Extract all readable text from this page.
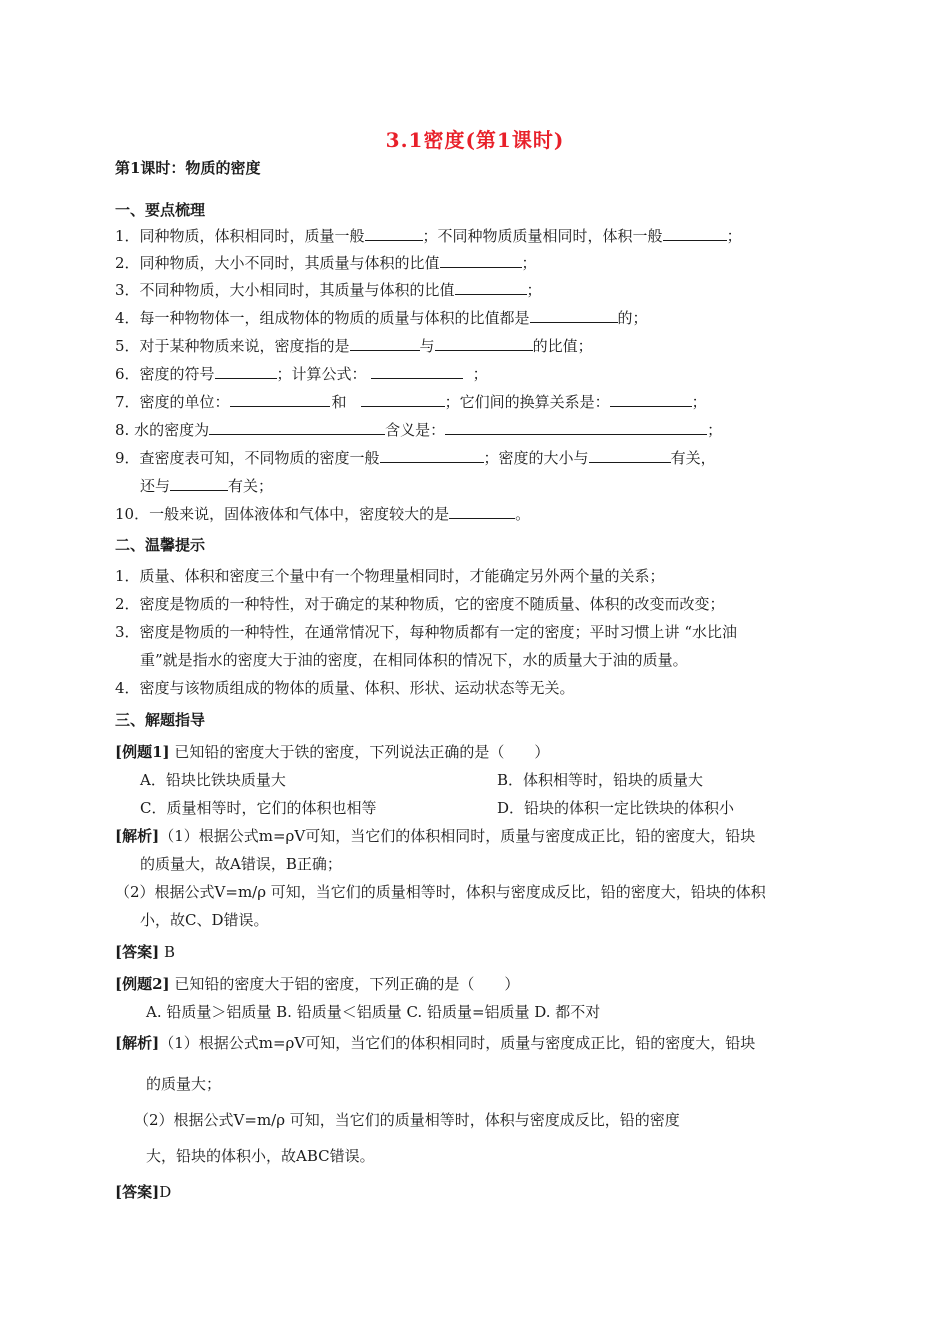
3.1密度(第1课时)
第1课时：物质的密度
一、要点梳理
1．同种物质，体积相同时，质量一般	；不同种物质质量相同时，体积一般	；
2．同种物质，大小不同时，其质量与体积的比值	；
3．不同种物质，大小相同时，其质量与体积的比值	；
4．每一种物物体一，组成物体的物质的质量与体积的比值都是	的；
5．对于某种物质来说，密度指的是	与	的比值；
6．密度的符号	；计算公式：	；
7．密度的单位：	和	；它们间的换算关系是：	；
8. 水的密度为	含义是：	；
9．查密度表可知，不同物质的密度一般	；密度的大小与	有关，
还与	有关；
10．一般来说，固体液体和气体中，密度较大的是	。
二、温馨提示
1．质量、体积和密度三个量中有一个物理量相同时，才能确定另外两个量的关系；
2．密度是物质的一种特性，对于确定的某种物质，它的密度不随质量、体积的改变而改变；
3．密度是物质的一种特性，在通常情况下，每种物质都有一定的密度；平时习惯上讲 “水比油
重”就是指水的密度大于油的密度，在相同体积的情况下，水的质量大于油的质量。
4．密度与该物质组成的物体的质量、体积、形状、运动状态等无关。
三、解题指导
[例题1] 已知铅的密度大于铁的密度，下列说法正确的是（　　）
A．铅块比铁块质量大	B．体积相等时，铅块的质量大
C．质量相等时，它们的体积也相等	D．铅块的体积一定比铁块的体积小
[解析]（1）根据公式m=ρV可知，当它们的体积相同时，质量与密度成正比，铅的密度大，铅块
的质量大，故A错误，B正确；
（2）根据公式V=m/ρ 可知，当它们的质量相等时，体积与密度成反比，铅的密度大，铅块的体积
小，故C、D错误。
[答案] B
[例题2] 已知铅的密度大于铝的密度，下列正确的是（　　）
A. 铅质量＞铝质量 B. 铅质量＜铝质量 C. 铅质量=铝质量 D. 都不对
[解析]（1）根据公式m=ρV可知，当它们的体积相同时，质量与密度成正比，铅的密度大，铅块
的质量大；
（2）根据公式V=m/ρ 可知，当它们的质量相等时，体积与密度成反比，铅的密度
大，铅块的体积小，故ABC错误。
[答案]D
